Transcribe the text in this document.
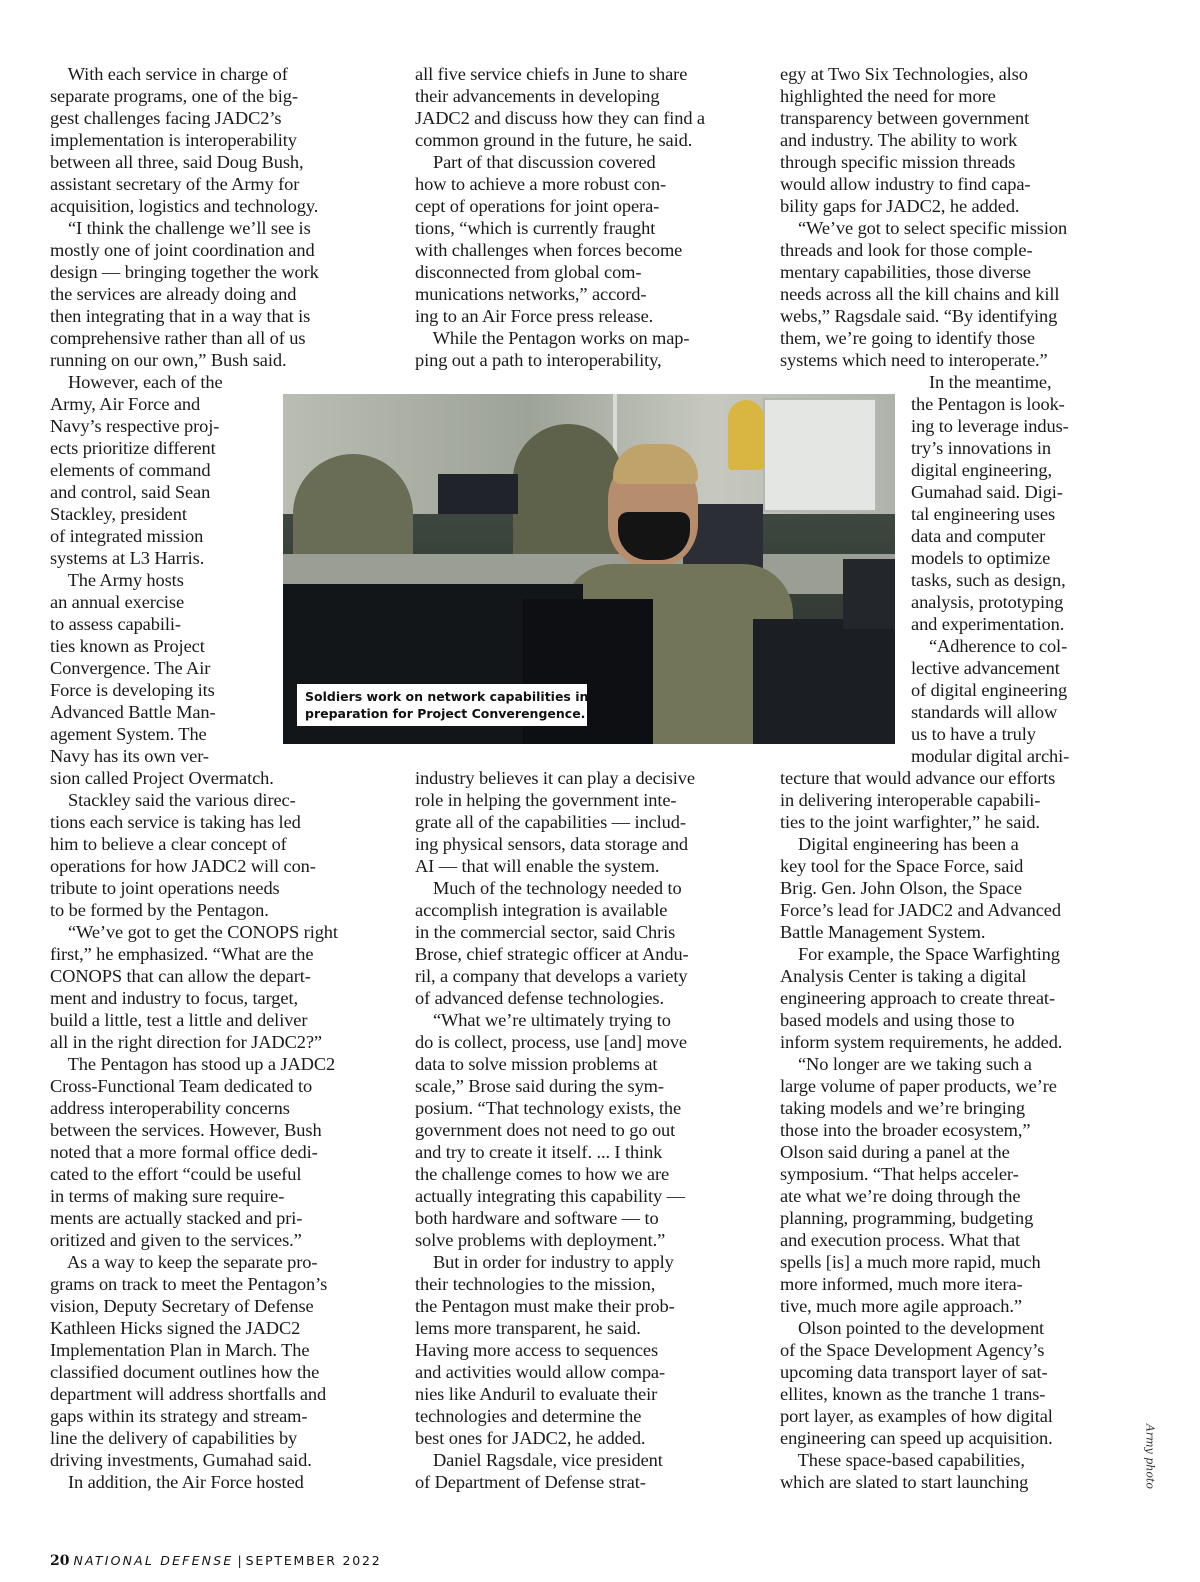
With each service in charge of
separate programs, one of the big-
gest challenges facing JADC2’s
implementation is interoperability
between all three, said Doug Bush,
assistant secretary of the Army for
acquisition, logistics and technology.
“I think the challenge we’ll see is
mostly one of joint coordination and
design — bringing together the work
the services are already doing and
then integrating that in a way that is
comprehensive rather than all of us
running on our own,” Bush said.
However, each of the
Army, Air Force and
Navy’s respective proj-
ects prioritize different
elements of command
and control, said Sean
Stackley, president
of integrated mission
systems at L3 Harris.
The Army hosts
an annual exercise
to assess capabili-
ties known as Project
Convergence. The Air
Force is developing its
Advanced Battle Man-
agement System. The
Navy has its own ver-
sion called Project Overmatch.
Stackley said the various direc-
tions each service is taking has led
him to believe a clear concept of
operations for how JADC2 will con-
tribute to joint operations needs
to be formed by the Pentagon.
“We’ve got to get the CONOPS right
first,” he emphasized. “What are the
CONOPS that can allow the depart-
ment and industry to focus, target,
build a little, test a little and deliver
all in the right direction for JADC2?”
The Pentagon has stood up a JADC2
Cross-Functional Team dedicated to
address interoperability concerns
between the services. However, Bush
noted that a more formal office dedi-
cated to the effort “could be useful
in terms of making sure require-
ments are actually stacked and pri-
oritized and given to the services.”
As a way to keep the separate pro-
grams on track to meet the Pentagon’s
vision, Deputy Secretary of Defense
Kathleen Hicks signed the JADC2
Implementation Plan in March. The
classified document outlines how the
department will address shortfalls and
gaps within its strategy and stream-
line the delivery of capabilities by
driving investments, Gumahad said.
In addition, the Air Force hosted
all five service chiefs in June to share
their advancements in developing
JADC2 and discuss how they can find a
common ground in the future, he said.
Part of that discussion covered
how to achieve a more robust con-
cept of operations for joint opera-
tions, “which is currently fraught
with challenges when forces become
disconnected from global com-
munications networks,” accord-
ing to an Air Force press release.
While the Pentagon works on map-
ping out a path to interoperability,
industry believes it can play a decisive
role in helping the government inte-
grate all of the capabilities — includ-
ing physical sensors, data storage and
AI — that will enable the system.
Much of the technology needed to
accomplish integration is available
in the commercial sector, said Chris
Brose, chief strategic officer at Andu-
ril, a company that develops a variety
of advanced defense technologies.
“What we’re ultimately trying to
do is collect, process, use [and] move
data to solve mission problems at
scale,” Brose said during the sym-
posium. “That technology exists, the
government does not need to go out
and try to create it itself. ... I think
the challenge comes to how we are
actually integrating this capability —
both hardware and software — to
solve problems with deployment.”
But in order for industry to apply
their technologies to the mission,
the Pentagon must make their prob-
lems more transparent, he said.
Having more access to sequences
and activities would allow compa-
nies like Anduril to evaluate their
technologies and determine the
best ones for JADC2, he added.
Daniel Ragsdale, vice president
of Department of Defense strat-
egy at Two Six Technologies, also
highlighted the need for more
transparency between government
and industry. The ability to work
through specific mission threads
would allow industry to find capa-
bility gaps for JADC2, he added.
“We’ve got to select specific mission
threads and look for those comple-
mentary capabilities, those diverse
needs across all the kill chains and kill
webs,” Ragsdale said. “By identifying
them, we’re going to identify those
systems which need to interoperate.”
In the meantime,
the Pentagon is look-
ing to leverage indus-
try’s innovations in
digital engineering,
Gumahad said. Digi-
tal engineering uses
data and computer
models to optimize
tasks, such as design,
analysis, prototyping
and experimentation.
“Adherence to col-
lective advancement
of digital engineering
standards will allow
us to have a truly
modular digital archi-
tecture that would advance our efforts
in delivering interoperable capabili-
ties to the joint warfighter,” he said.
Digital engineering has been a
key tool for the Space Force, said
Brig. Gen. John Olson, the Space
Force’s lead for JADC2 and Advanced
Battle Management System.
For example, the Space Warfighting
Analysis Center is taking a digital
engineering approach to create threat-
based models and using those to
inform system requirements, he added.
“No longer are we taking such a
large volume of paper products, we’re
taking models and we’re bringing
those into the broader ecosystem,”
Olson said during a panel at the
symposium. “That helps acceler-
ate what we’re doing through the
planning, programming, budgeting
and execution process. What that
spells [is] a much more rapid, much
more informed, much more itera-
tive, much more agile approach.”
Olson pointed to the development
of the Space Development Agency’s
upcoming data transport layer of sat-
ellites, known as the tranche 1 trans-
port layer, as examples of how digital
engineering can speed up acquisition.
These space-based capabilities,
which are slated to start launching
Soldiers work on network capabilities in
preparation for Project Converengence.
Army photo
20 NATIONAL DEFENSE | SEPTEMBER 2022
